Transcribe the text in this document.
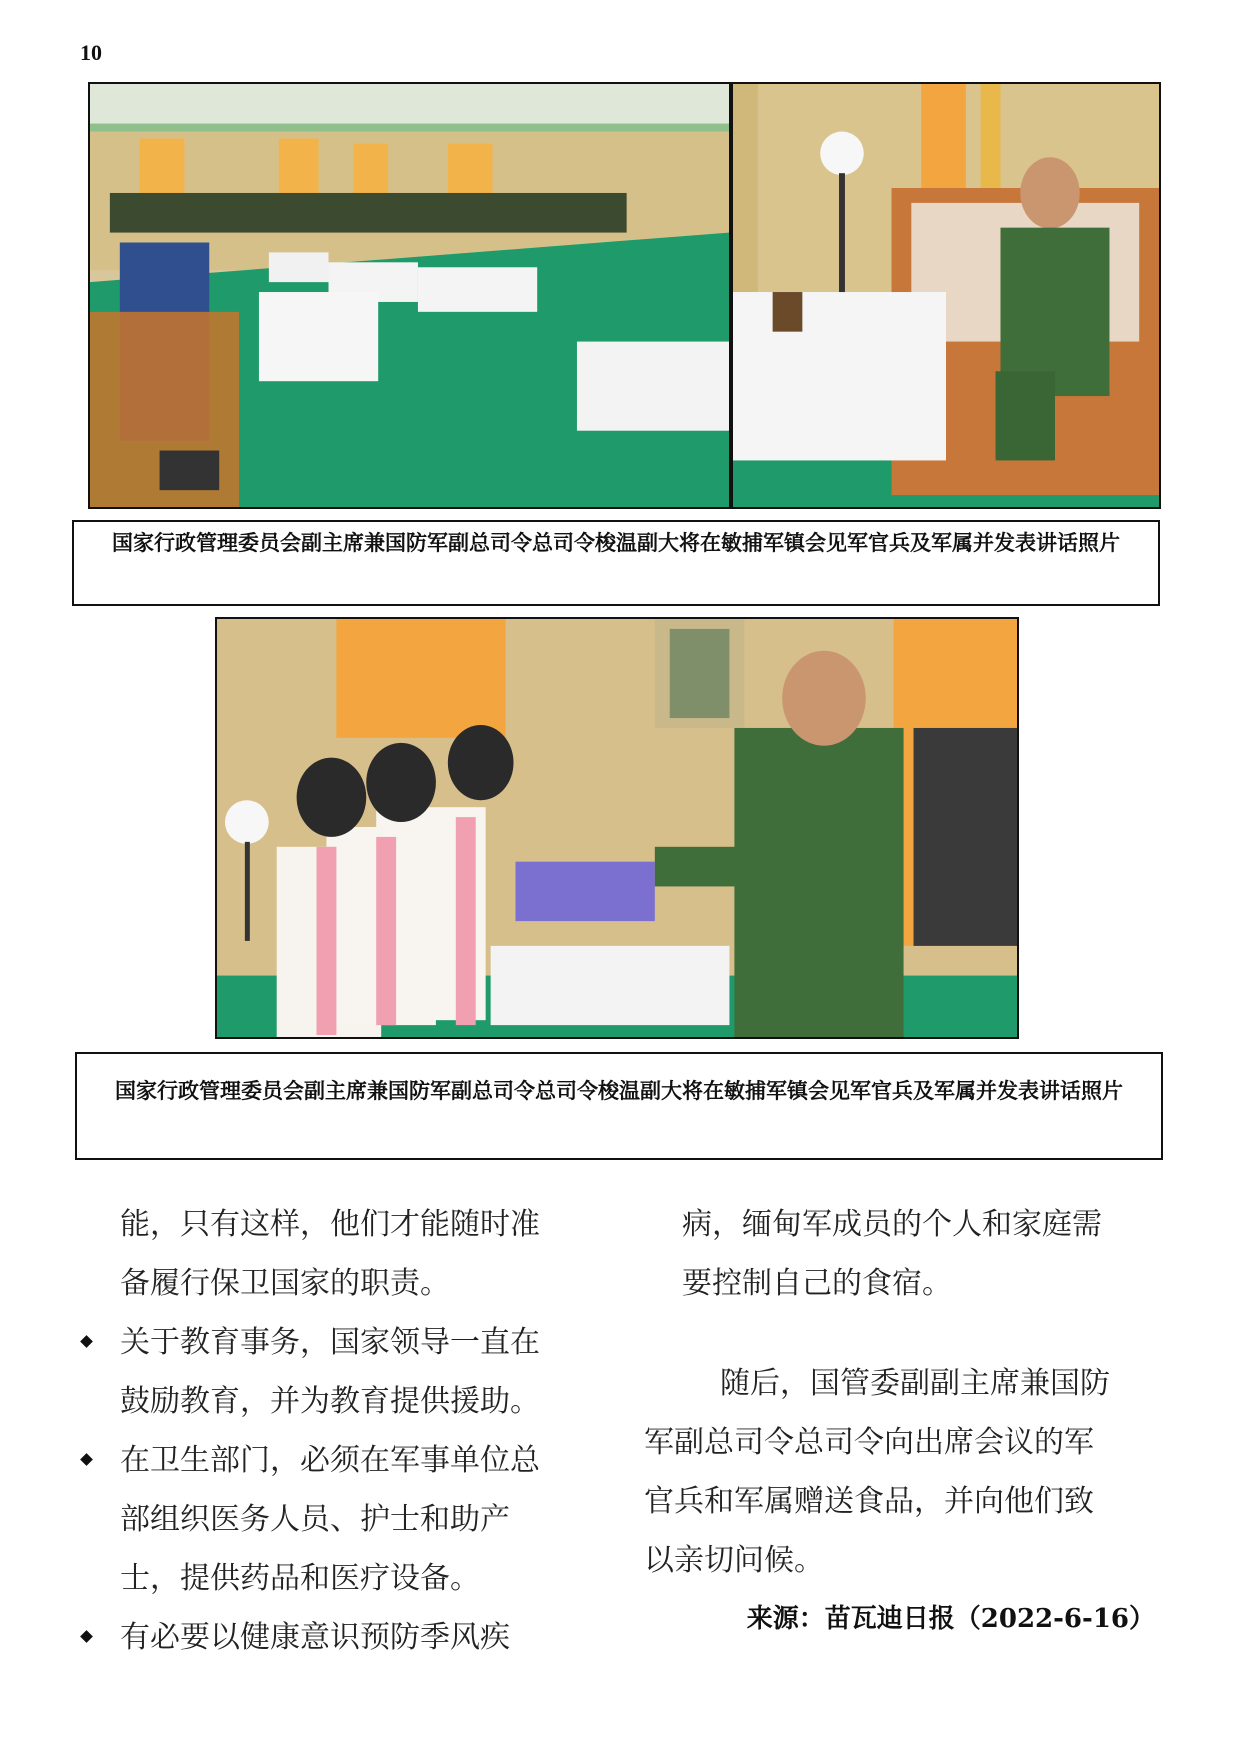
10
国家行政管理委员会副主席兼国防军副总司令总司令梭温副大将在敏捕军镇会见军官兵及军属并发表讲话照片
国家行政管理委员会副主席兼国防军副总司令总司令梭温副大将在敏捕军镇会见军官兵及军属并发表讲话照片

能，只有这样，他们才能随时准

备履行保卫国家的职责。

关于教育事务，国家领导一直在

鼓励教育，并为教育提供援助。

在卫生部门，必须在军事单位总

部组织医务人员、护士和助产

士，提供药品和医疗设备。

有必要以健康意识预防季风疾

病，缅甸军成员的个人和家庭需

要控制自己的食宿。

随后，国管委副副主席兼国防

军副总司令总司令向出席会议的军

官兵和军属赠送食品，并向他们致

以亲切问候。

来源：苗瓦迪日报（2022-6-16）
